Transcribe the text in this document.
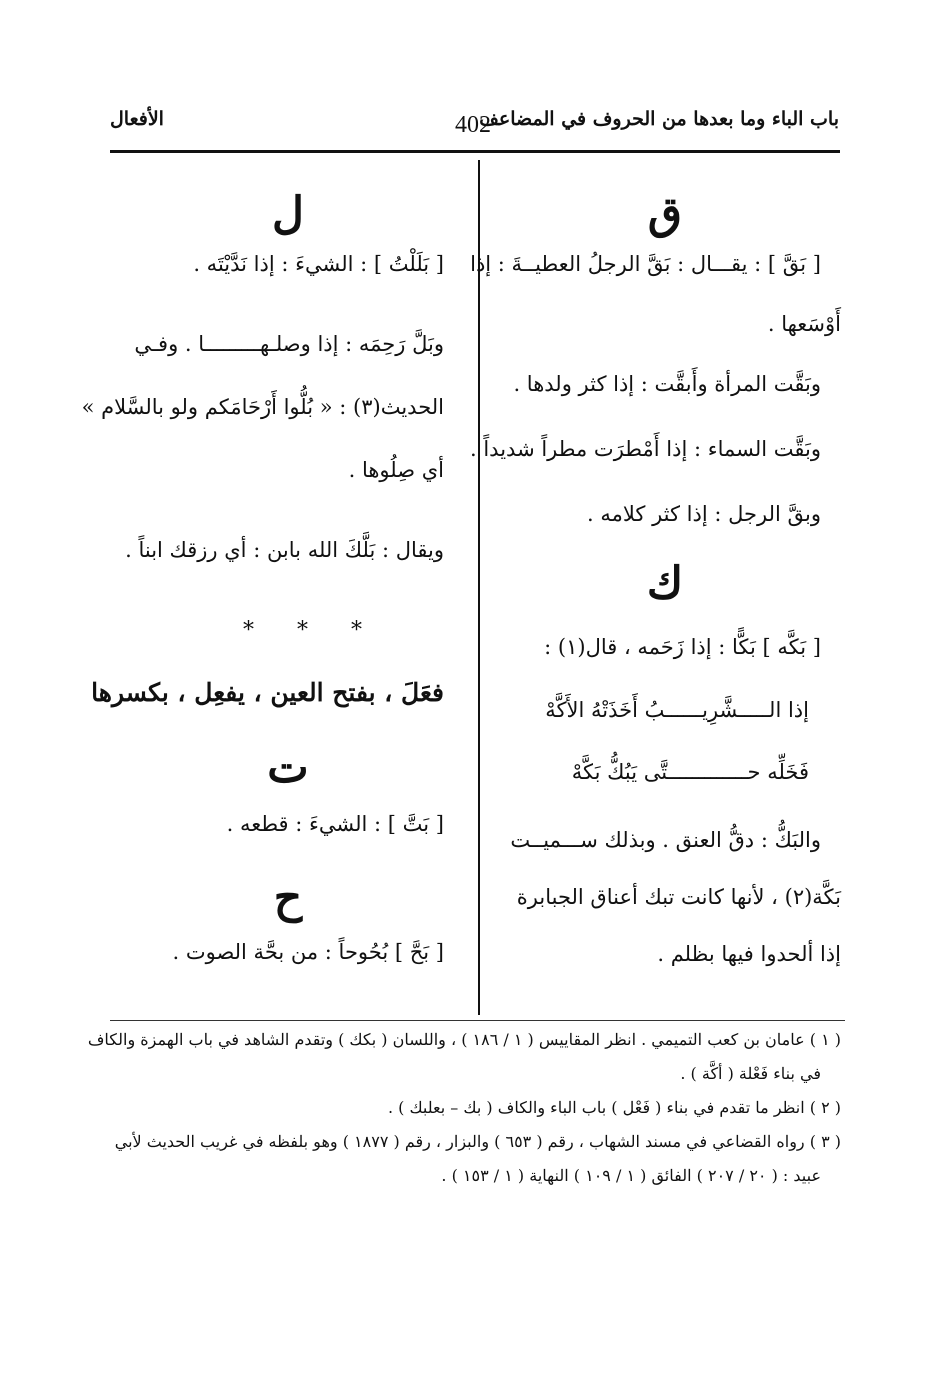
باب الباء وما بعدها من الحروف في المضاعف
402
الأفعال
ق
[ بَقَّ ] : يقـــال : بَقَّ الرجلُ العطيــةَ : إذا
أَوْسَعها .
وبَقَّت المرأة وأَبقَّت : إذا كثر ولدها .
وبَقَّت السماء : إذا أَمْطرَت مطراً شديداً .
وبقَّ الرجل : إذا كثر كلامه .
ك
[ بَكَّه ] بَكًّا : إذا زَحَمه ، قال(١) :
إذا الـــــشَّرِيــــــبُ أَخَذَتْهُ الأَكَّهْ
فَخَلِّه حـــــــــــــتَّى يَبُكُّ بَكَّهْ
والبَكُّ : دقُّ العنق . وبذلك ســـميــت
بَكَّة(٢) ، لأنها كانت تبك أعناق الجبابرة
إذا ألحدوا فيها بظلم .
ل
[ بَلَلْتُ ] : الشيءَ : إذا نَدَّيْتَه .
وبَلَّ رَحِمَه : إذا وصلـهـــــــــا . وفـي
الحديث(٣) : « بُلُّوا أَرْحَامَكم ولو بالسَّلام »
أي صِلُوها .
ويقال : بَلَّكَ الله بابن : أي رزقك ابناً .
* * *
فعَلَ ، بفتح العين ، يفعِل ، بكسرها
ت
[ بَتَّ ] : الشيءَ : قطعه .
ح
[ بَحَّ ] بُحُوحاً : من بحَّة الصوت .
( ١ ) عامان بن كعب التميمي . انظر المقاييس ( ١ / ١٨٦ ) ، واللسان ( بكك ) وتقدم الشاهد في باب الهمزة والكاف
في بناء فَعْلة ( أكَّة ) .
( ٢ ) انظر ما تقدم في بناء ( فَعْل ) باب الباء والكاف ( بك – بعلبك ) .
( ٣ ) رواه القضاعي في مسند الشهاب ، رقم ( ٦٥٣ ) والبزار ، رقم ( ١٨٧٧ ) وهو بلفظه في غريب الحديث لأبي
عبيد : ( ٢٠ / ٢٠٧ ) الفائق ( ١ / ١٠٩ ) النهاية ( ١ / ١٥٣ ) .
